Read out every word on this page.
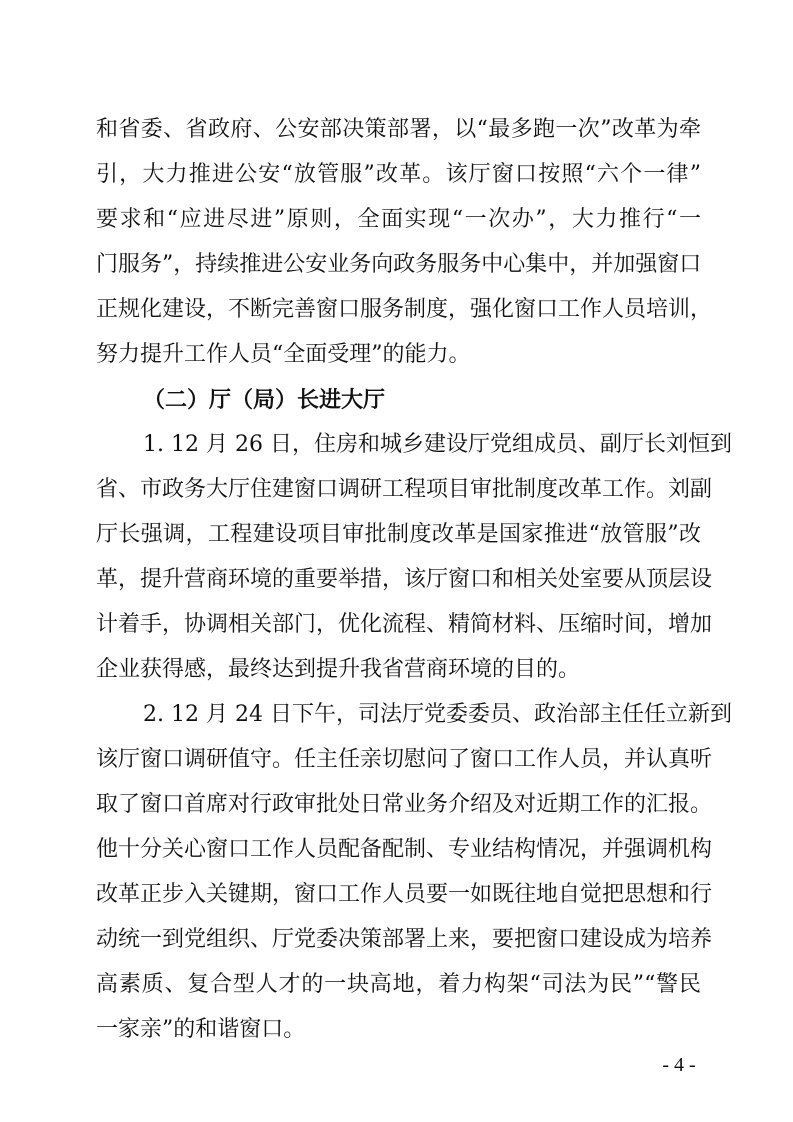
和省委、省政府、公安部决策部署，以“最多跑一次”改革为牵
引，大力推进公安“放管服”改革。该厅窗口按照“六个一律”
要求和“应进尽进”原则，全面实现“一次办”，大力推行“一
门服务”，持续推进公安业务向政务服务中心集中，并加强窗口
正规化建设，不断完善窗口服务制度，强化窗口工作人员培训，
努力提升工作人员“全面受理”的能力。
（二）厅（局）长进大厅
1. 12 月 26 日，住房和城乡建设厅党组成员、副厅长刘恒到
省、市政务大厅住建窗口调研工程项目审批制度改革工作。刘副
厅长强调，工程建设项目审批制度改革是国家推进“放管服”改
革，提升营商环境的重要举措，该厅窗口和相关处室要从顶层设
计着手，协调相关部门，优化流程、精简材料、压缩时间，增加
企业获得感，最终达到提升我省营商环境的目的。
2. 12 月 24 日下午，司法厅党委委员、政治部主任任立新到
该厅窗口调研值守。任主任亲切慰问了窗口工作人员，并认真听
取了窗口首席对行政审批处日常业务介绍及对近期工作的汇报。
他十分关心窗口工作人员配备配制、专业结构情况，并强调机构
改革正步入关键期，窗口工作人员要一如既往地自觉把思想和行
动统一到党组织、厅党委决策部署上来，要把窗口建设成为培养
高素质、复合型人才的一块高地，着力构架“司法为民”“警民
一家亲”的和谐窗口。
- 4 -
